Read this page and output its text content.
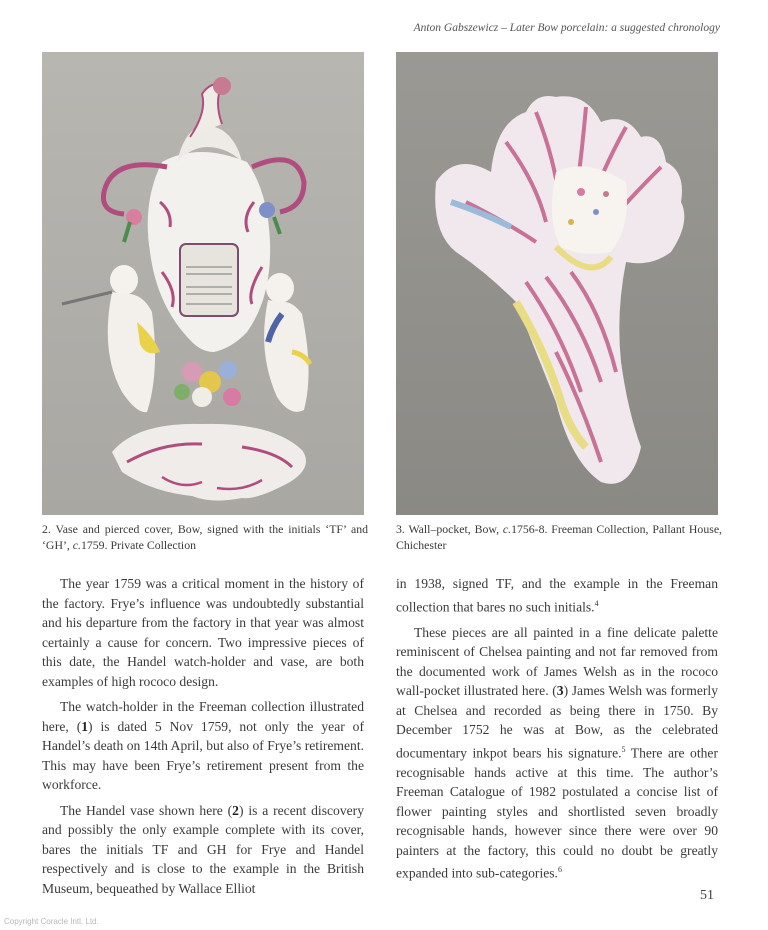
Anton Gabszewicz – Later Bow porcelain: a suggested chronology
2. Vase and pierced cover, Bow, signed with the initials ‘TF’ and ‘GH’, c.1759. Private Collection
3. Wall–pocket, Bow, c.1756-8. Freeman Collection, Pallant House, Chichester

The year 1759 was a critical moment in the history of the factory. Frye’s influence was undoubtedly substantial and his departure from the factory in that year was almost certainly a cause for concern. Two impressive pieces of this date, the Handel watch-holder and vase, are both examples of high rococo design.

The watch-holder in the Freeman collection illustrated here, (1) is dated 5 Nov 1759, not only the year of Handel’s death on 14th April, but also of Frye’s retirement. This may have been Frye’s retirement present from the workforce.

The Handel vase shown here (2) is a recent discovery and possibly the only example complete with its cover, bares the initials TF and GH for Frye and Handel respectively and is close to the example in the British Museum, bequeathed by Wallace Elliot

in 1938, signed TF, and the example in the Freeman collection that bares no such initials.$^4$

These pieces are all painted in a fine delicate palette reminiscent of Chelsea painting and not far removed from the documented work of James Welsh as in the rococo wall-pocket illustrated here. (3) James Welsh was formerly at Chelsea and recorded as being there in 1750. By December 1752 he was at Bow, as the celebrated documentary inkpot bears his signature.$^5$ There are other recognisable hands active at this time. The author’s Freeman Catalogue of 1982 postulated a concise list of flower painting styles and shortlisted seven broadly recognisable hands, however since there were over 90 painters at the factory, this could no doubt be greatly expanded into sub-categories.$^6$

51
Copyright Coracle Intl. Ltd.
